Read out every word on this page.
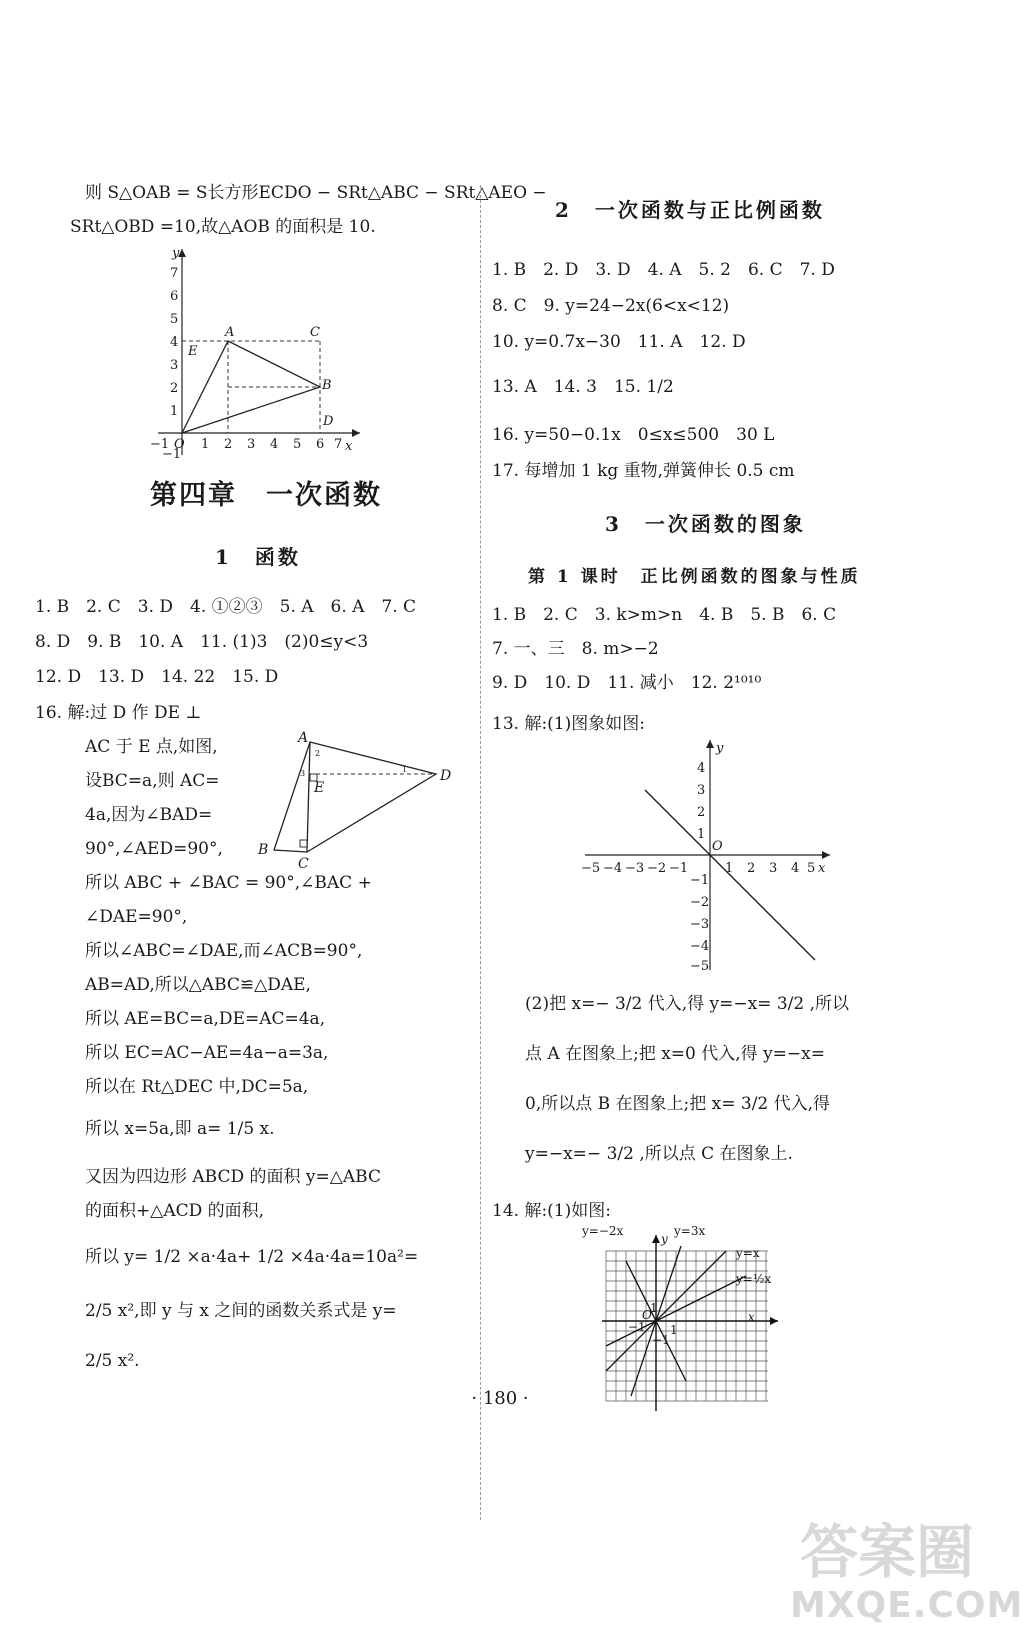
则 S△OAB = S长方形ECDO − SRt△ABC − SRt△AEO −
SRt△OBD =10,故△AOB 的面积是 10.
x
y
O
−1 1 2 3 4 5 6 7
−1
1
2
3
4
5
6
7
A
B
C
D
E
第四章　一次函数
1　函数
1. B　2. C　3. D　4. ①②③　5. A　6. A　7. C
8. D　9. B　10. A　11. (1)3　(2)0≤y<3
12. D　13. D　14. 22　15. D
16. 解:过 D 作 DE ⊥
AC 于 E 点,如图,
设BC=a,则 AC=
4a,因为∠BAD=
90°,∠AED=90°,
所以 ABC + ∠BAC = 90°,∠BAC +
∠DAE=90°,
所以∠ABC=∠DAE,而∠ACB=90°,
AB=AD,所以△ABC≌△DAE,
所以 AE=BC=a,DE=AC=4a,
所以 EC=AC−AE=4a−a=3a,
所以在 Rt△DEC 中,DC=5a,
所以 x=5a,即 a= 1/5 x.
又因为四边形 ABCD 的面积 y=△ABC
的面积+△ACD 的面积,
所以 y= 1/2 ×a·4a+ 1/2 ×4a·4a=10a²=
2/5 x²,即 y 与 x 之间的函数关系式是 y=
2/5 x².
A
B
C
D
E
1
2
3
2　一次函数与正比例函数
1. B　2. D　3. D　4. A　5. 2　6. C　7. D
8. C　9. y=24−2x(6<x<12)
10. y=0.7x−30　11. A　12. D
13. A　14. 3　15. 1/2
16. y=50−0.1x　0≤x≤500　30 L
17. 每增加 1 kg 重物,弹簧伸长 0.5 cm
3　一次函数的图象
第 1 课时　正比例函数的图象与性质
1. B　2. C　3. k>m>n　4. B　5. B　6. C
7. 一、三　8. m>−2
9. D　10. D　11. 减小　12. 2¹⁰¹⁰
13. 解:(1)图象如图:
x
y
O
−5 −4 −3 −2 −1	1 2 3 4 5
4
3
2
1
−1
−2
−3
−4
−5
(2)把 x=− 3/2 代入,得 y=−x= 3/2 ,所以
点 A 在图象上;把 x=0 代入,得 y=−x=
0,所以点 B 在图象上;把 x= 3/2 代入,得
y=−x=− 3/2 ,所以点 C 在图象上.
14. 解:(1)如图:
y=−2x	y=3x
y=x
y=½x
x
y
O
1
−1 1
−1
· 180 ·
答案圈
MXQE.COM
